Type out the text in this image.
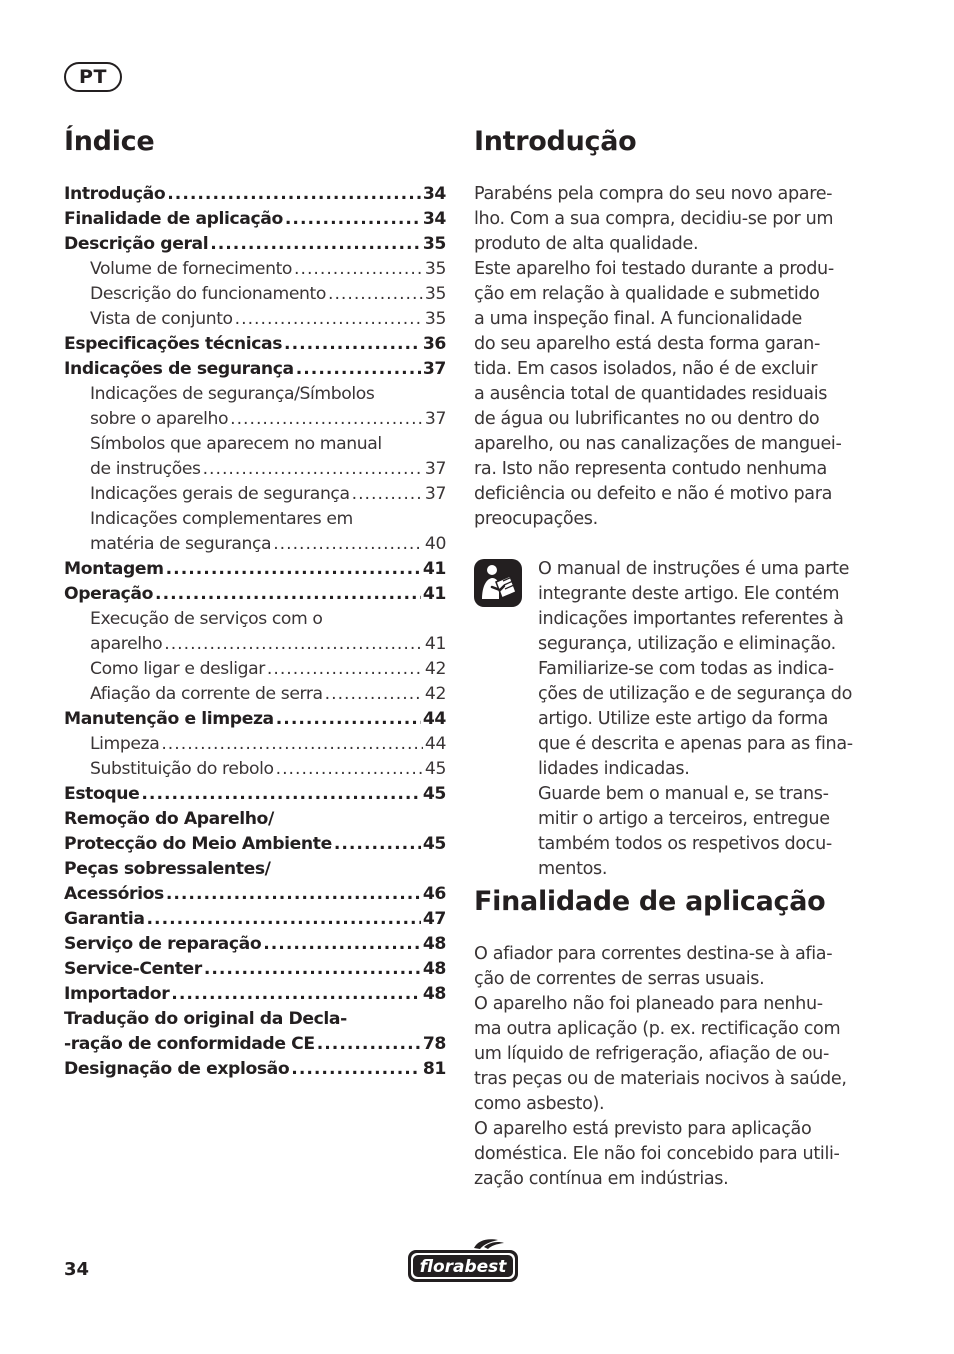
PT
Índice
Introdução .....	34
Finalidade de aplicação .....	34
Descrição geral .....	35
Volume de fornecimento .....	35
Descrição do funcionamento .....	35
Vista de conjunto .....	35
Especificações técnicas .....	36
Indicações de segurança .....	37
Indicações de segurança/Símbolos
sobre o aparelho .....	37
Símbolos que aparecem no manual
de instruções .....	37
Indicações gerais de segurança .....	37
Indicações complementares em
matéria de segurança .....	40
Montagem .....	41
Operação .....	41
Execução de serviços com o
aparelho .....	41
Como ligar e desligar .....	42
Afiação da corrente de serra .....	42
Manutenção e limpeza .....	44
Limpeza .....	44
Substituição do rebolo .....	45
Estoque .....	45
Remoção do Aparelho/
Protecção do Meio Ambiente .....	45
Peças sobressalentes/
Acessórios .....	46
Garantia .....	47
Serviço de reparação .....	48
Service-Center .....	48
Importador .....	48
Tradução do original da Decla-
-ração de conformidade CE .....	78
Designação de explosão .....	81
Introdução
Parabéns pela compra do seu novo apare-
lho. Com a sua compra, decidiu-se por um
produto de alta qualidade.
Este aparelho foi testado durante a produ-
ção em relação à qualidade e submetido
a uma inspeção final. A funcionalidade
do seu aparelho está desta forma garan-
tida. Em casos isolados, não é de excluir
a ausência total de quantidades residuais
de água ou lubrificantes no ou dentro do
aparelho, ou nas canalizações de manguei-
ra. Isto não representa contudo nenhuma
deficiência ou defeito e não é motivo para
preocupações.
O manual de instruções é uma parte
integrante deste artigo. Ele contém
indicações importantes referentes à
segurança, utilização e eliminação.
Familiarize-se com todas as indica-
ções de utilização e de segurança do
artigo. Utilize este artigo da forma
que é descrita e apenas para as fina-
lidades indicadas.
Guarde bem o manual e, se trans-
mitir o artigo a terceiros, entregue
também todos os respetivos docu-
mentos.
Finalidade de aplicação
O afiador para correntes destina-se à afia-
ção de correntes de serras usuais.
O aparelho não foi planeado para nenhu-
ma outra aplicação (p. ex. rectificação com
um líquido de refrigeração, afiação de ou-
tras peças ou de materiais nocivos à saúde,
como asbesto).
O aparelho está previsto para aplicação
doméstica. Ele não foi concebido para utili-
zação contínua em indústrias.
34	florabest
